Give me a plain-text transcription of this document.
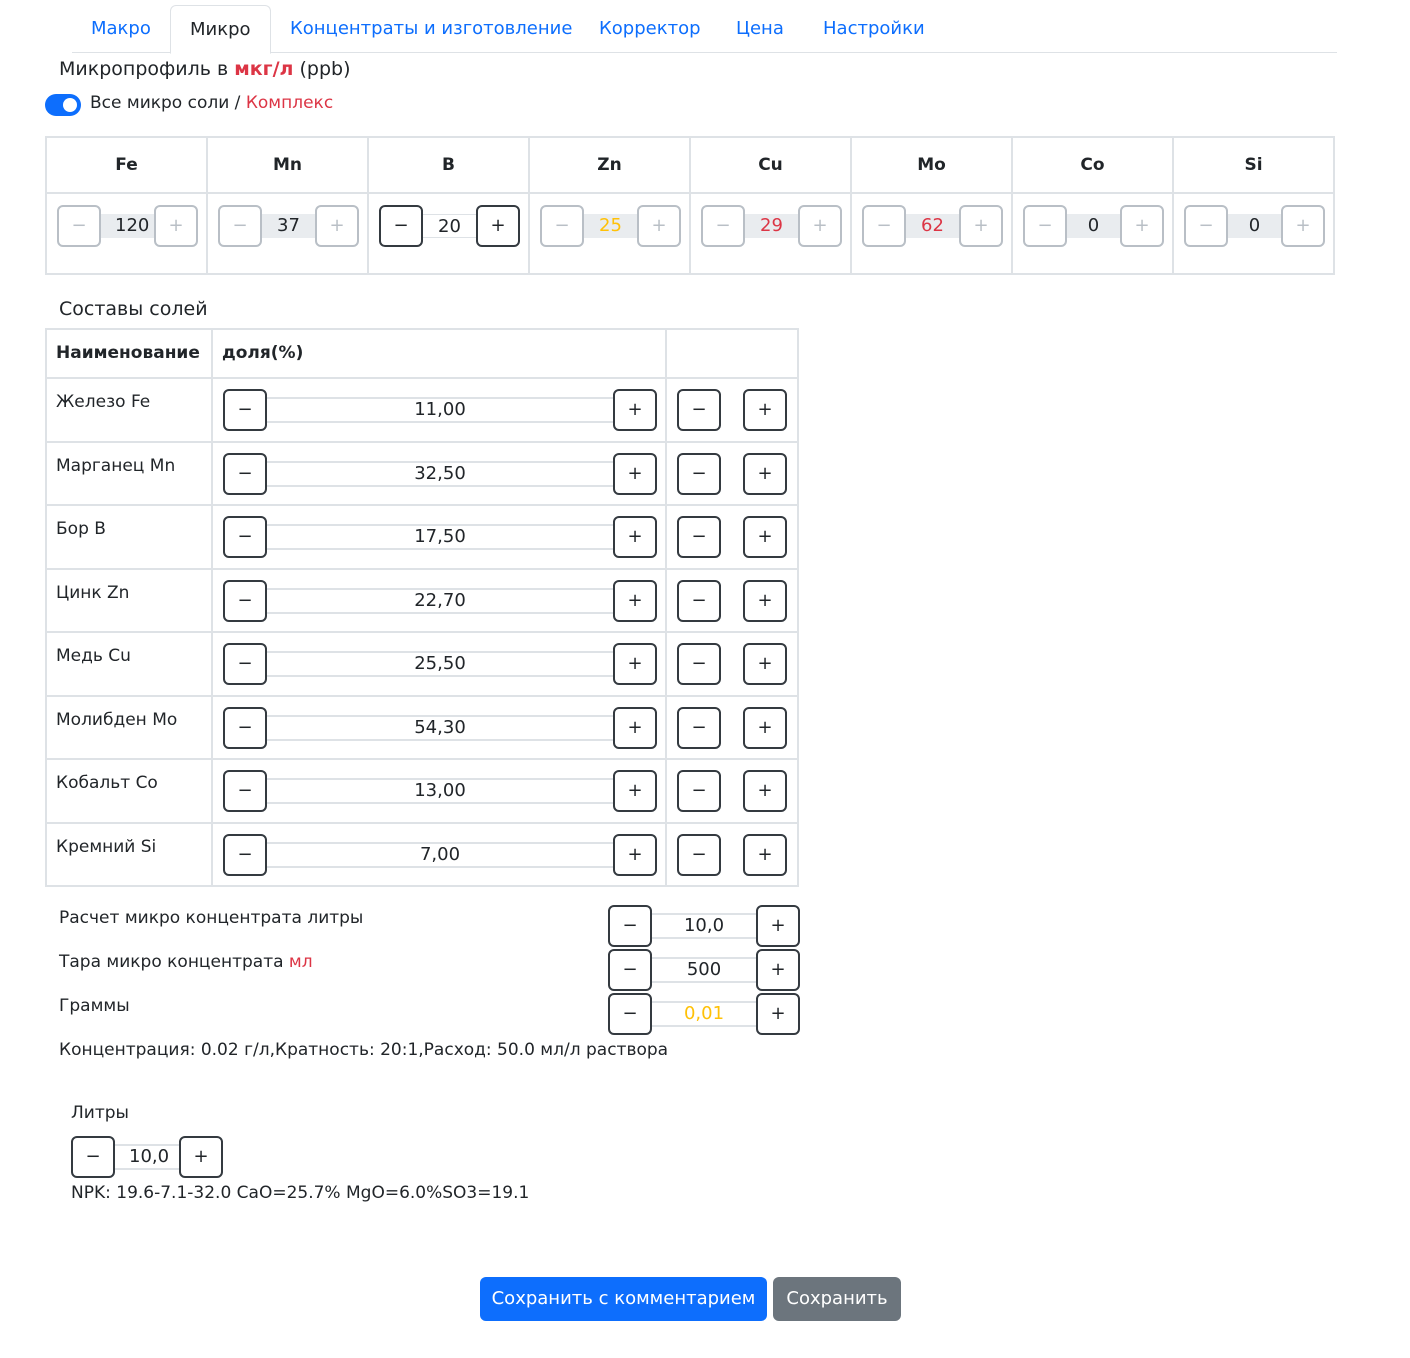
Макро	Микро	Концентраты и изготовление	Корректор	Цена	Настройки
Микропрофиль в мкг/л (ppb)
Все микро соли / Комплекс
Fe	Mn	B	Zn	Cu	Mo	Co	Si

− 120 +	− 37 +	− 20 +	− 25 +	− 29 +	− 62 +	− 0 +	− 0 +
Составы солей
Наименование	доля(%)	
Железо Fe	− 11,00 +	− +

Марганец Mn	− 32,50 +	− +

Бор B	− 17,50 +	− +

Цинк Zn	− 22,70 +	− +

Медь Cu	− 25,50 +	− +

Молибден Mo	− 54,30 +	− +

Кобальт Co	− 13,00 +	− +

Кремний Si	− 7,00 +	− +
Расчет микро концентрата литры	−	10,0	+
Тара микро концентрата мл	−	500	+
Граммы	−	0,01	+
Концентрация: 0.02 г/л,Кратность: 20:1,Расход: 50.0 мл/л раствора
Литры
−	10,0	+
NPK: 19.6-7.1-32.0 CaO=25.7% MgO=6.0%SO3=19.1
Сохранить с комментарием	Сохранить
